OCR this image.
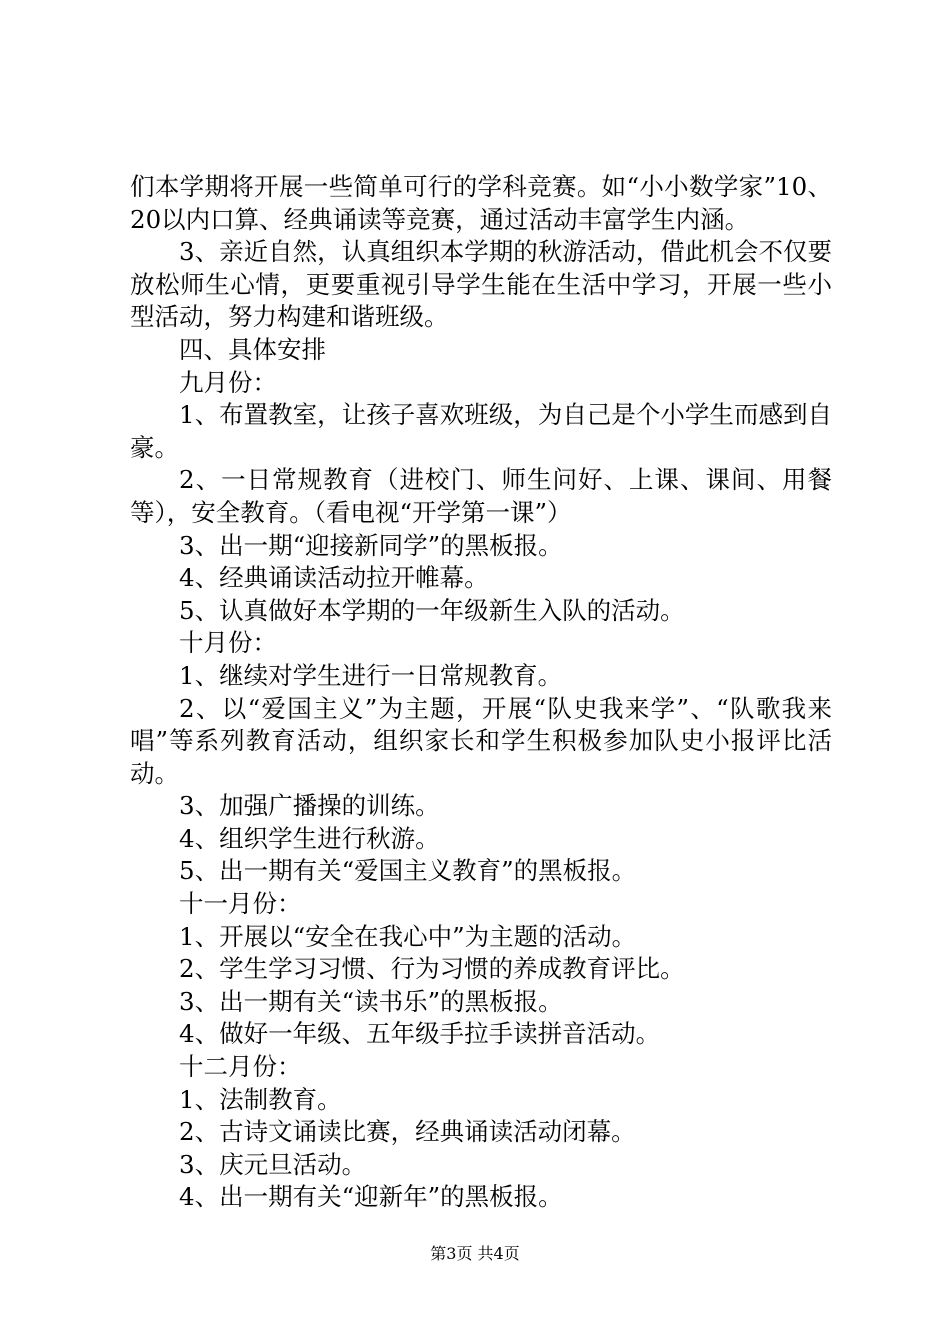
们本学期将开展一些简单可行的学科竞赛。如“小小数学家”10、20以内口算、经典诵读等竞赛，通过活动丰富学生内涵。

3、亲近自然，认真组织本学期的秋游活动，借此机会不仅要放松师生心情，更要重视引导学生能在生活中学习，开展一些小型活动，努力构建和谐班级。

四、具体安排

九月份：

1、布置教室，让孩子喜欢班级，为自己是个小学生而感到自豪。

2、一日常规教育（进校门、师生问好、上课、课间、用餐等），安全教育。（看电视“开学第一课”）

3、出一期“迎接新同学”的黑板报。

4、经典诵读活动拉开帷幕。

5、认真做好本学期的一年级新生入队的活动。

十月份：

1、继续对学生进行一日常规教育。

2、以“爱国主义”为主题，开展“队史我来学”、“队歌我来唱”等系列教育活动，组织家长和学生积极参加队史小报评比活动。

3、加强广播操的训练。

4、组织学生进行秋游。

5、出一期有关“爱国主义教育”的黑板报。

十一月份：

1、开展以“安全在我心中”为主题的活动。

2、学生学习习惯、行为习惯的养成教育评比。

3、出一期有关“读书乐”的黑板报。

4、做好一年级、五年级手拉手读拼音活动。

十二月份：

1、法制教育。

2、古诗文诵读比赛，经典诵读活动闭幕。

3、庆元旦活动。

4、出一期有关“迎新年”的黑板报。

第3页 共4页
